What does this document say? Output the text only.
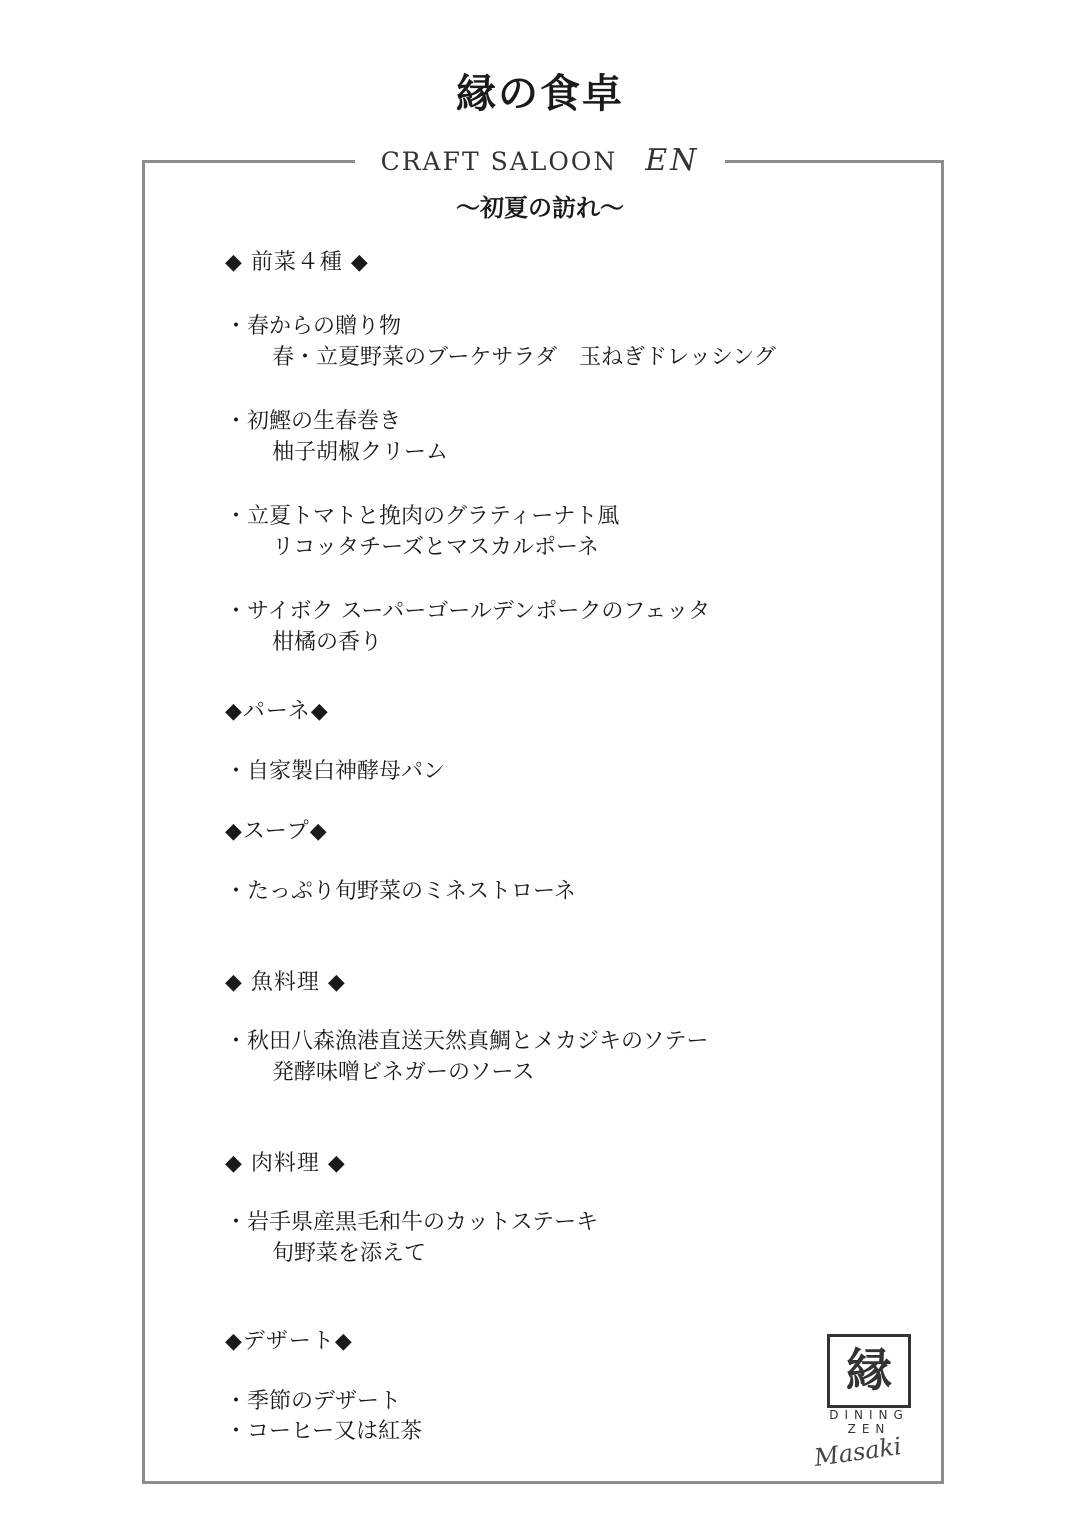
縁の食卓
CRAFT SALOON EN
～初夏の訪れ～
◆ 前菜４種 ◆
・春からの贈り物
春・立夏野菜のブーケサラダ　玉ねぎドレッシング
・初鰹の生春巻き
柚子胡椒クリーム
・立夏トマトと挽肉のグラティーナト風
リコッタチーズとマスカルポーネ
・サイボク スーパーゴールデンポークのフェッタ
柑橘の香り
◆パーネ◆
・自家製白神酵母パン
◆スープ◆
・たっぷり旬野菜のミネストローネ
◆ 魚料理 ◆
・秋田八森漁港直送天然真鯛とメカジキのソテー
発酵味噌ビネガーのソース
◆ 肉料理 ◆
・岩手県産黒毛和牛のカットステーキ
旬野菜を添えて
◆デザート◆
・季節のデザート
・コーヒー又は紅茶
縁
DINING
ZEN
Masaki
